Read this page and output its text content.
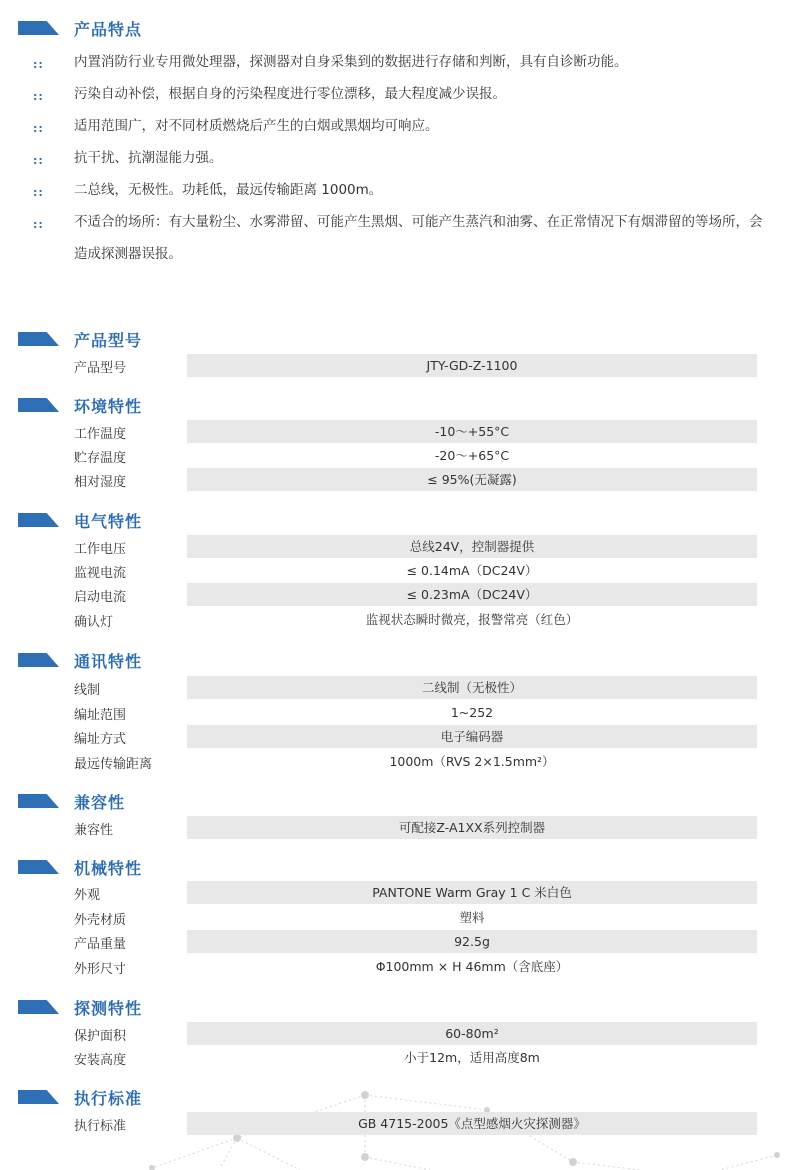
产品特点
:: 内置消防行业专用微处理器，探测器对自身采集到的数据进行存储和判断，具有自诊断功能。
:: 污染自动补偿，根据自身的污染程度进行零位漂移，最大程度减少误报。
:: 适用范围广，对不同材质燃烧后产生的白烟或黑烟均可响应。
:: 抗干扰、抗潮湿能力强。
:: 二总线，无极性。功耗低，最远传输距离 1000m。
:: 不适合的场所：有大量粉尘、水雾滞留、可能产生黑烟、可能产生蒸汽和油雾、在正常情况下有烟滞留的等场所，会造成探测器误报。
产品型号
产品型号	JTY-GD-Z-1100
环境特性
工作温度	-10～+55°C
贮存温度	-20～+65°C
相对湿度	≤ 95%(无凝露)
电气特性
工作电压	总线24V，控制器提供
监视电流	≤ 0.14mA（DC24V）
启动电流	≤ 0.23mA（DC24V）
确认灯	监视状态瞬时微亮，报警常亮（红色）
通讯特性
线制	二线制（无极性）
编址范围	1~252
编址方式	电子编码器
最远传输距离	1000m（RVS 2×1.5mm²）
兼容性
兼容性	可配接Z-A1XX系列控制器
机械特性
外观	PANTONE Warm Gray 1 C 米白色
外壳材质	塑料
产品重量	92.5g
外形尺寸	Φ100mm × H 46mm（含底座）
探测特性
保护面积	60-80m²
安装高度	小于12m，适用高度8m
执行标准
执行标准	GB 4715-2005《点型感烟火灾探测器》
